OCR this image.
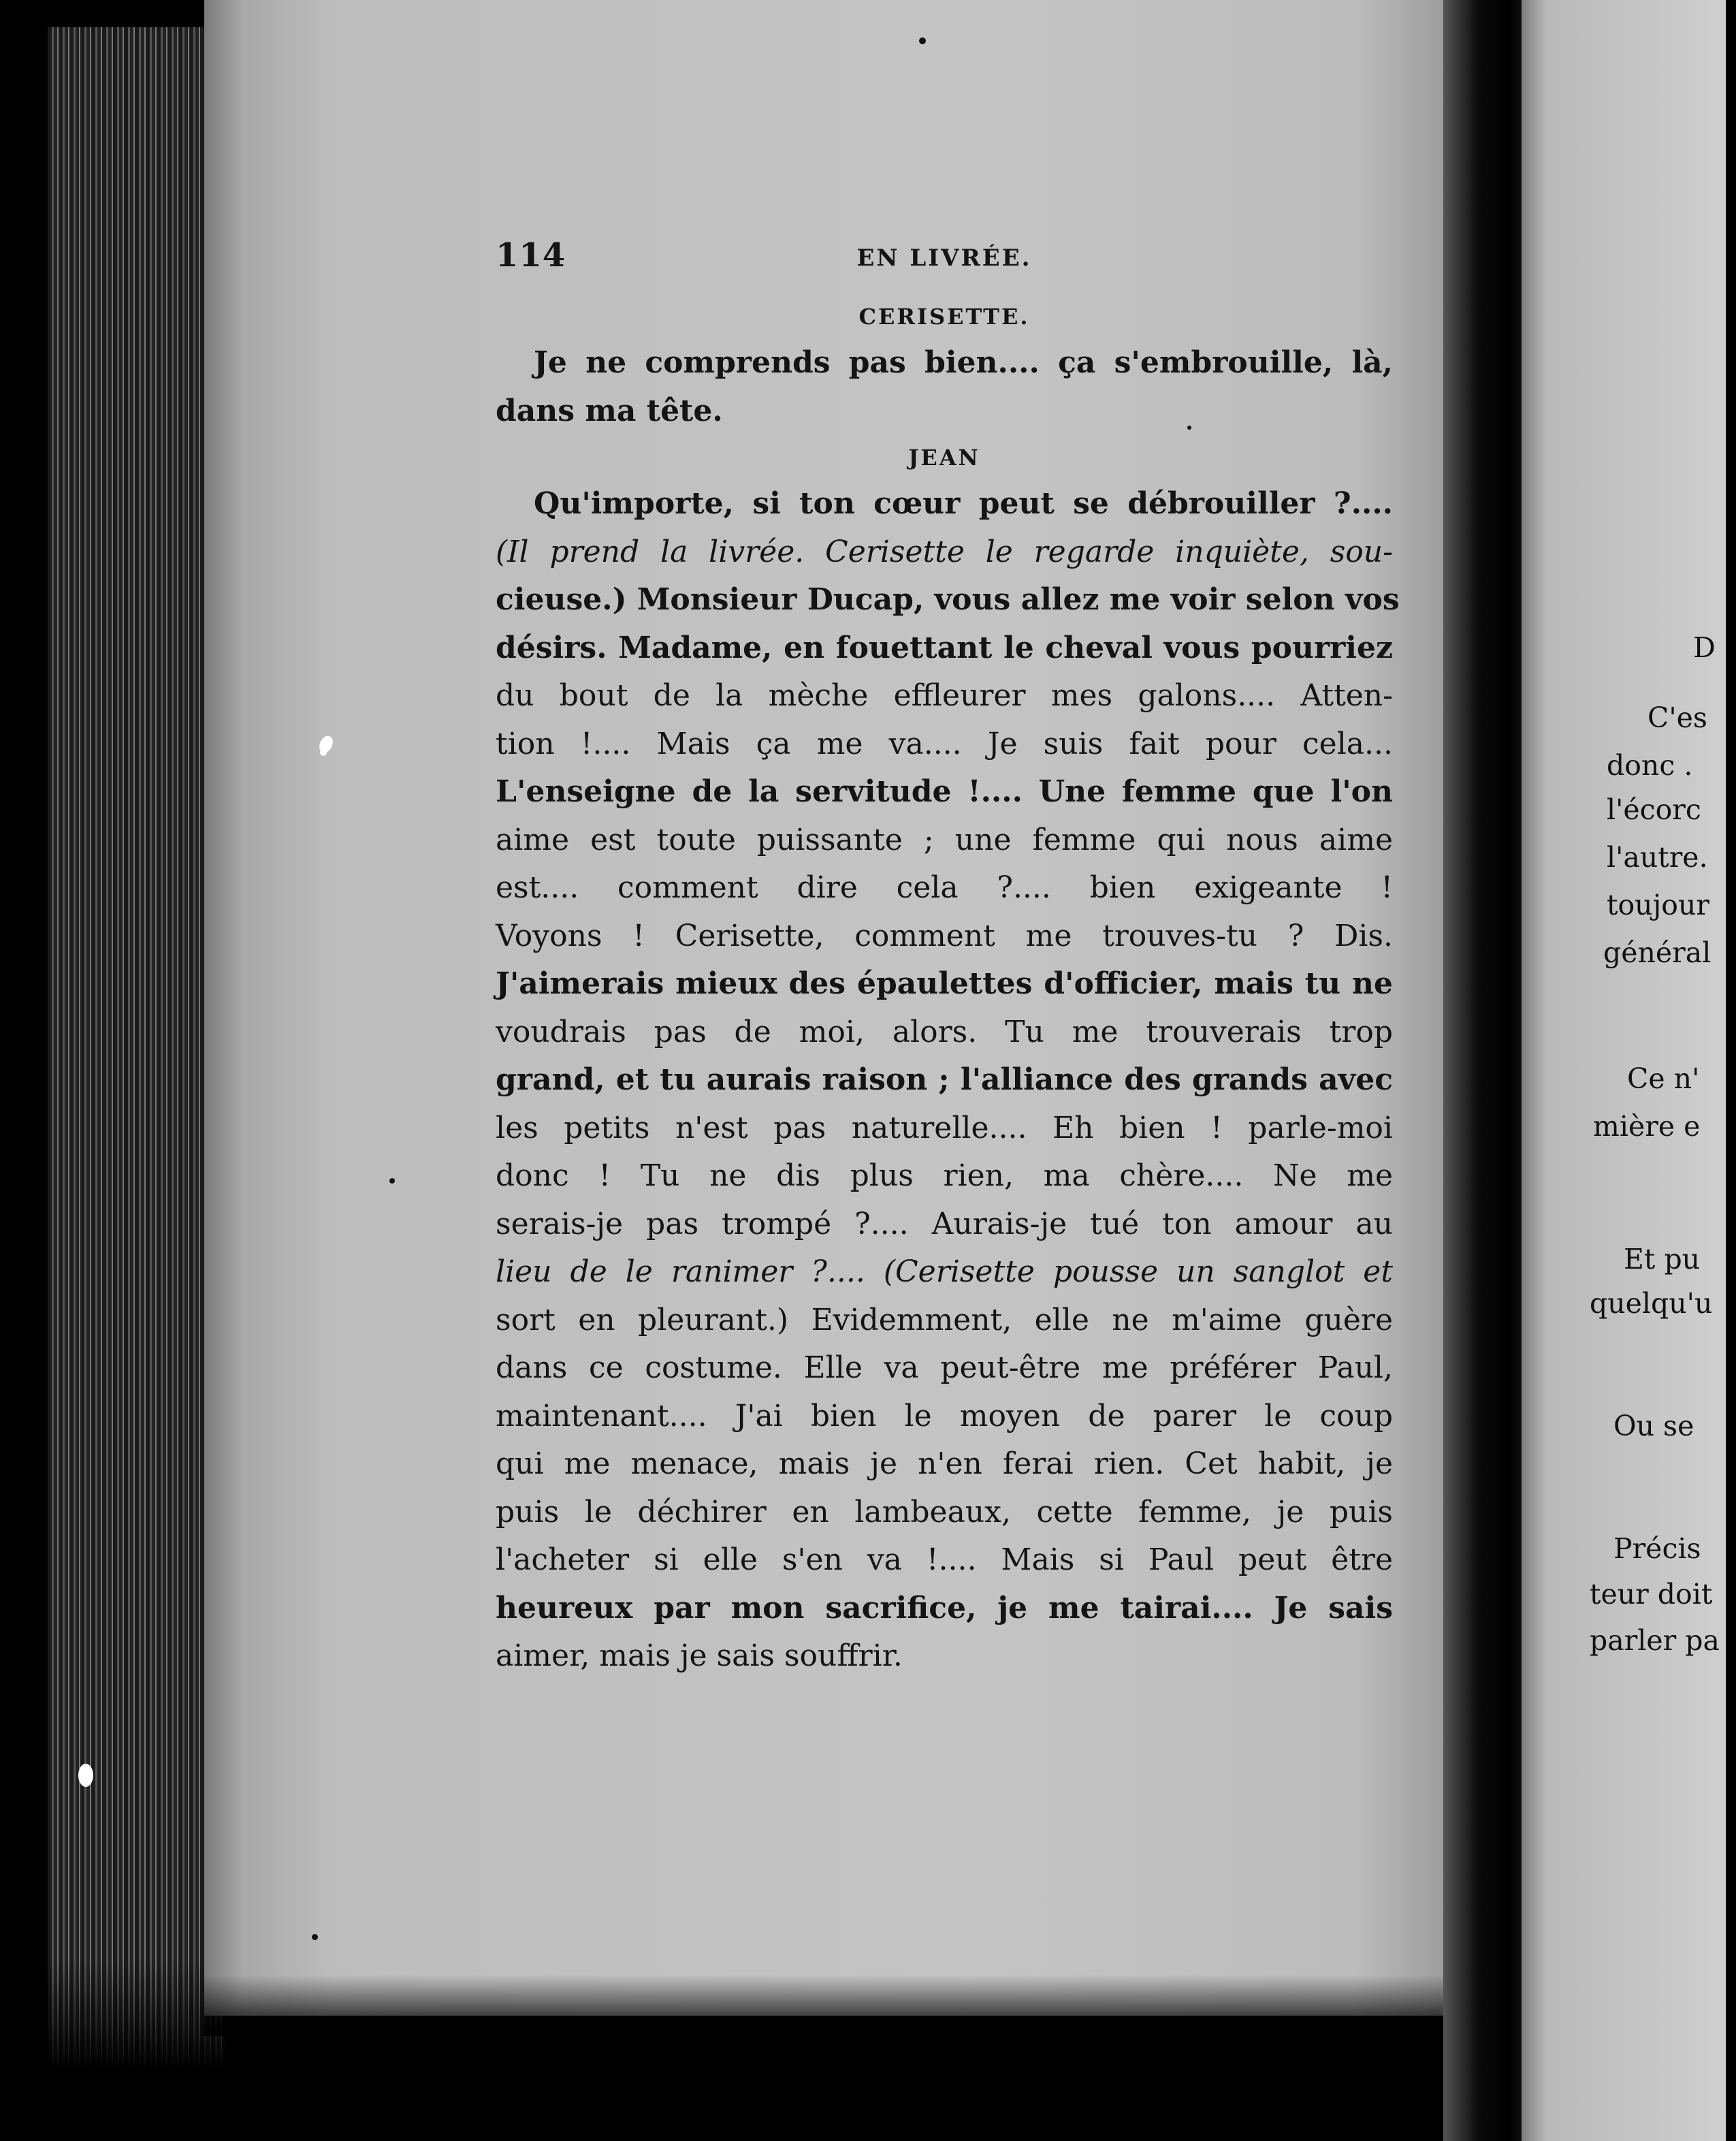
D
C'es
donc .
l'écorc
l'autre.
toujour
général
Ce n'
mière e
Et pu
quelqu'u
Ou se
Précis
teur doit
parler pa
114	EN LIVRÉE.
CERISETTE.
Je ne comprends pas bien.... ça s'embrouille, là,
dans ma tête.
JEAN
Qu'importe, si ton cœur peut se débrouiller ?....
(Il prend la livrée. Cerisette le regarde inquiète, sou-
cieuse.) Monsieur Ducap, vous allez me voir selon vos
désirs. Madame, en fouettant le cheval vous pourriez
du bout de la mèche effleurer mes galons.... Atten-
tion !.... Mais ça me va.... Je suis fait pour cela...
L'enseigne de la servitude !.... Une femme que l'on
aime est toute puissante ; une femme qui nous aime
est.... comment dire cela ?.... bien exigeante !
Voyons ! Cerisette, comment me trouves-tu ? Dis.
J'aimerais mieux des épaulettes d'officier, mais tu ne
voudrais pas de moi, alors. Tu me trouverais trop
grand, et tu aurais raison ; l'alliance des grands avec
les petits n'est pas naturelle.... Eh bien ! parle-moi
donc ! Tu ne dis plus rien, ma chère.... Ne me
serais-je pas trompé ?.... Aurais-je tué ton amour au
lieu de le ranimer ?.... (Cerisette pousse un sanglot et
sort en pleurant.) Evidemment, elle ne m'aime guère
dans ce costume. Elle va peut-être me préférer Paul,
maintenant.... J'ai bien le moyen de parer le coup
qui me menace, mais je n'en ferai rien. Cet habit, je
puis le déchirer en lambeaux, cette femme, je puis
l'acheter si elle s'en va !.... Mais si Paul peut être
heureux par mon sacrifice, je me tairai.... Je sais
aimer, mais je sais souffrir.
